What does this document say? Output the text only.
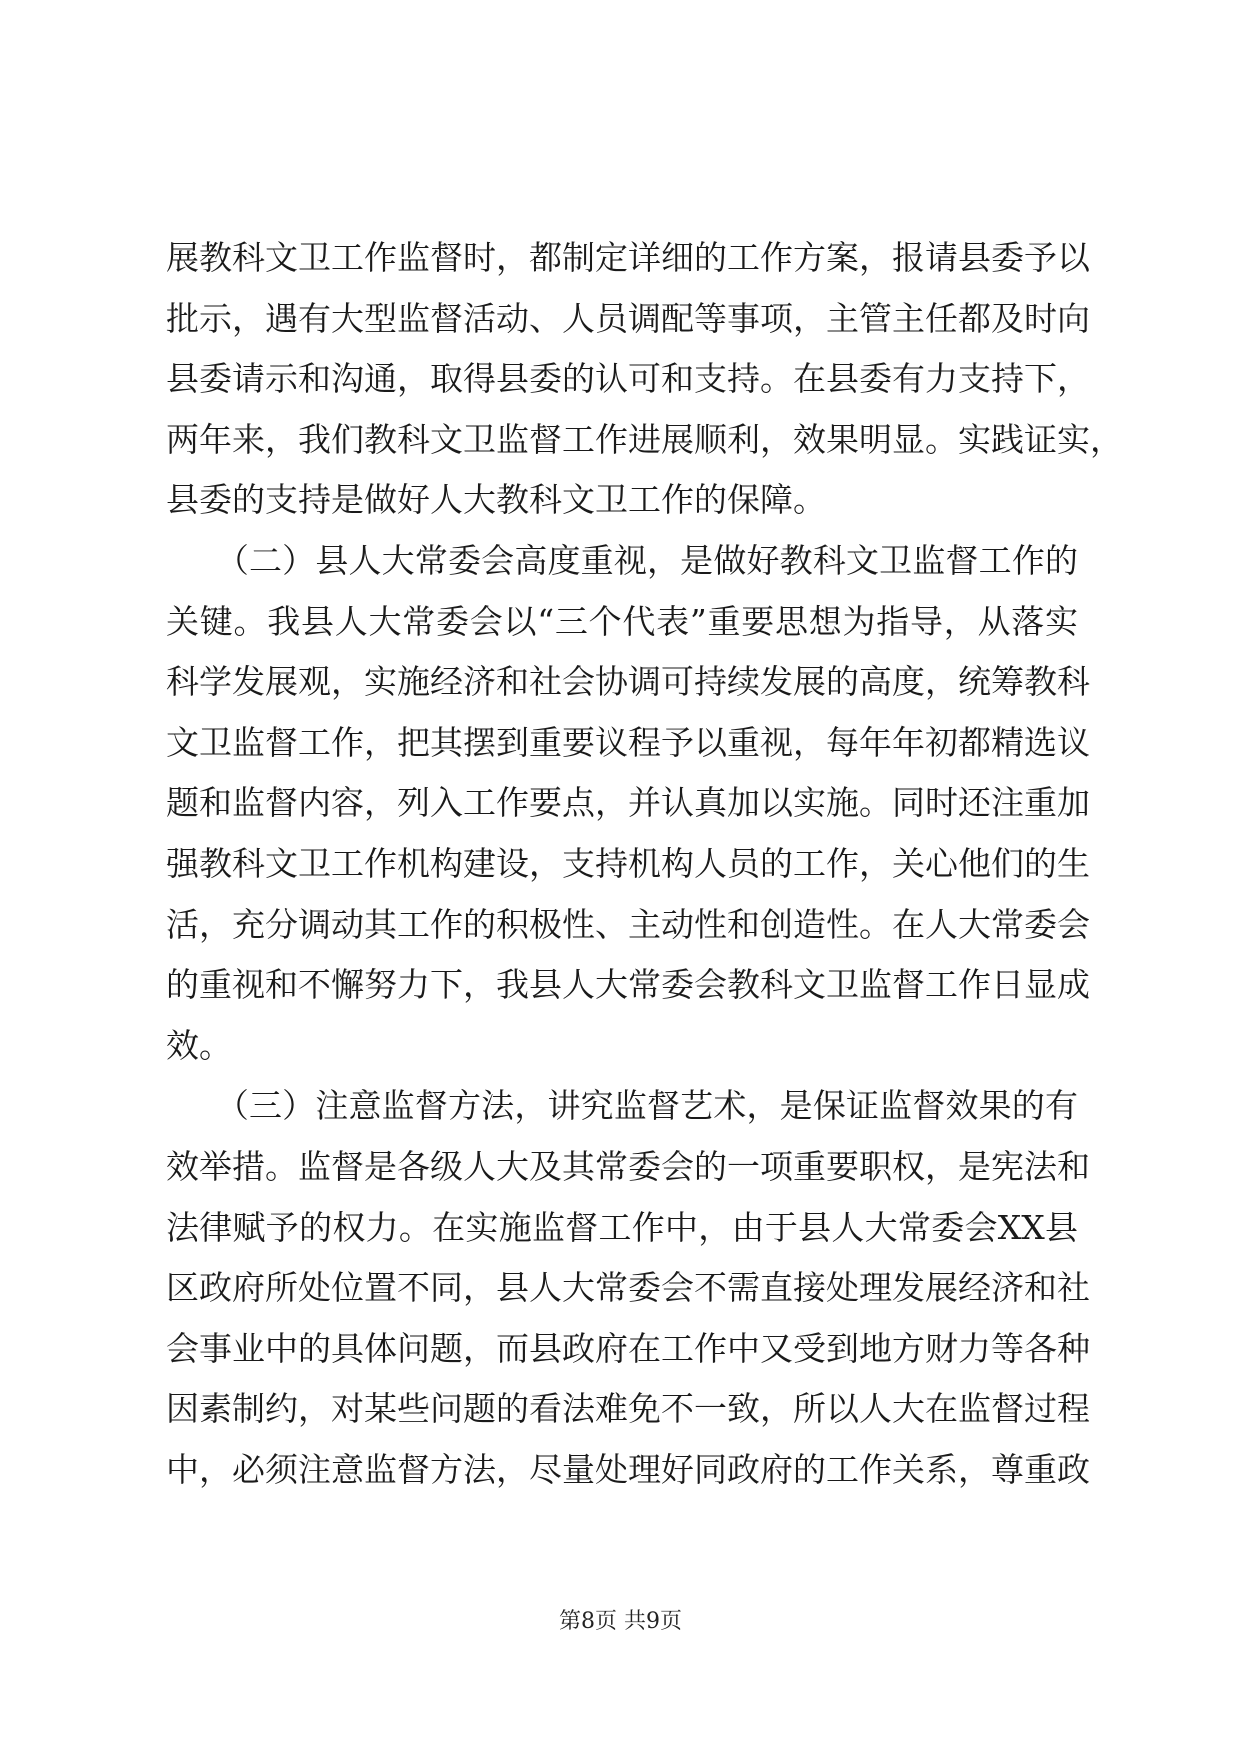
展教科文卫工作监督时，都制定详细的工作方案，报请县委予以
批示，遇有大型监督活动、人员调配等事项，主管主任都及时向
县委请示和沟通，取得县委的认可和支持。在县委有力支持下，
两年来，我们教科文卫监督工作进展顺利，效果明显。实践证实，
县委的支持是做好人大教科文卫工作的保障。
　　（二）县人大常委会高度重视，是做好教科文卫监督工作的
关键。我县人大常委会以“三个代表”重要思想为指导，从落实
科学发展观，实施经济和社会协调可持续发展的高度，统筹教科
文卫监督工作，把其摆到重要议程予以重视，每年年初都精选议
题和监督内容，列入工作要点，并认真加以实施。同时还注重加
强教科文卫工作机构建设，支持机构人员的工作，关心他们的生
活，充分调动其工作的积极性、主动性和创造性。在人大常委会
的重视和不懈努力下，我县人大常委会教科文卫监督工作日显成
效。
　　（三）注意监督方法，讲究监督艺术，是保证监督效果的有
效举措。监督是各级人大及其常委会的一项重要职权，是宪法和
法律赋予的权力。在实施监督工作中，由于县人大常委会XX县
区政府所处位置不同，县人大常委会不需直接处理发展经济和社
会事业中的具体问题，而县政府在工作中又受到地方财力等各种
因素制约，对某些问题的看法难免不一致，所以人大在监督过程
中，必须注意监督方法，尽量处理好同政府的工作关系，尊重政
第8页 共9页
